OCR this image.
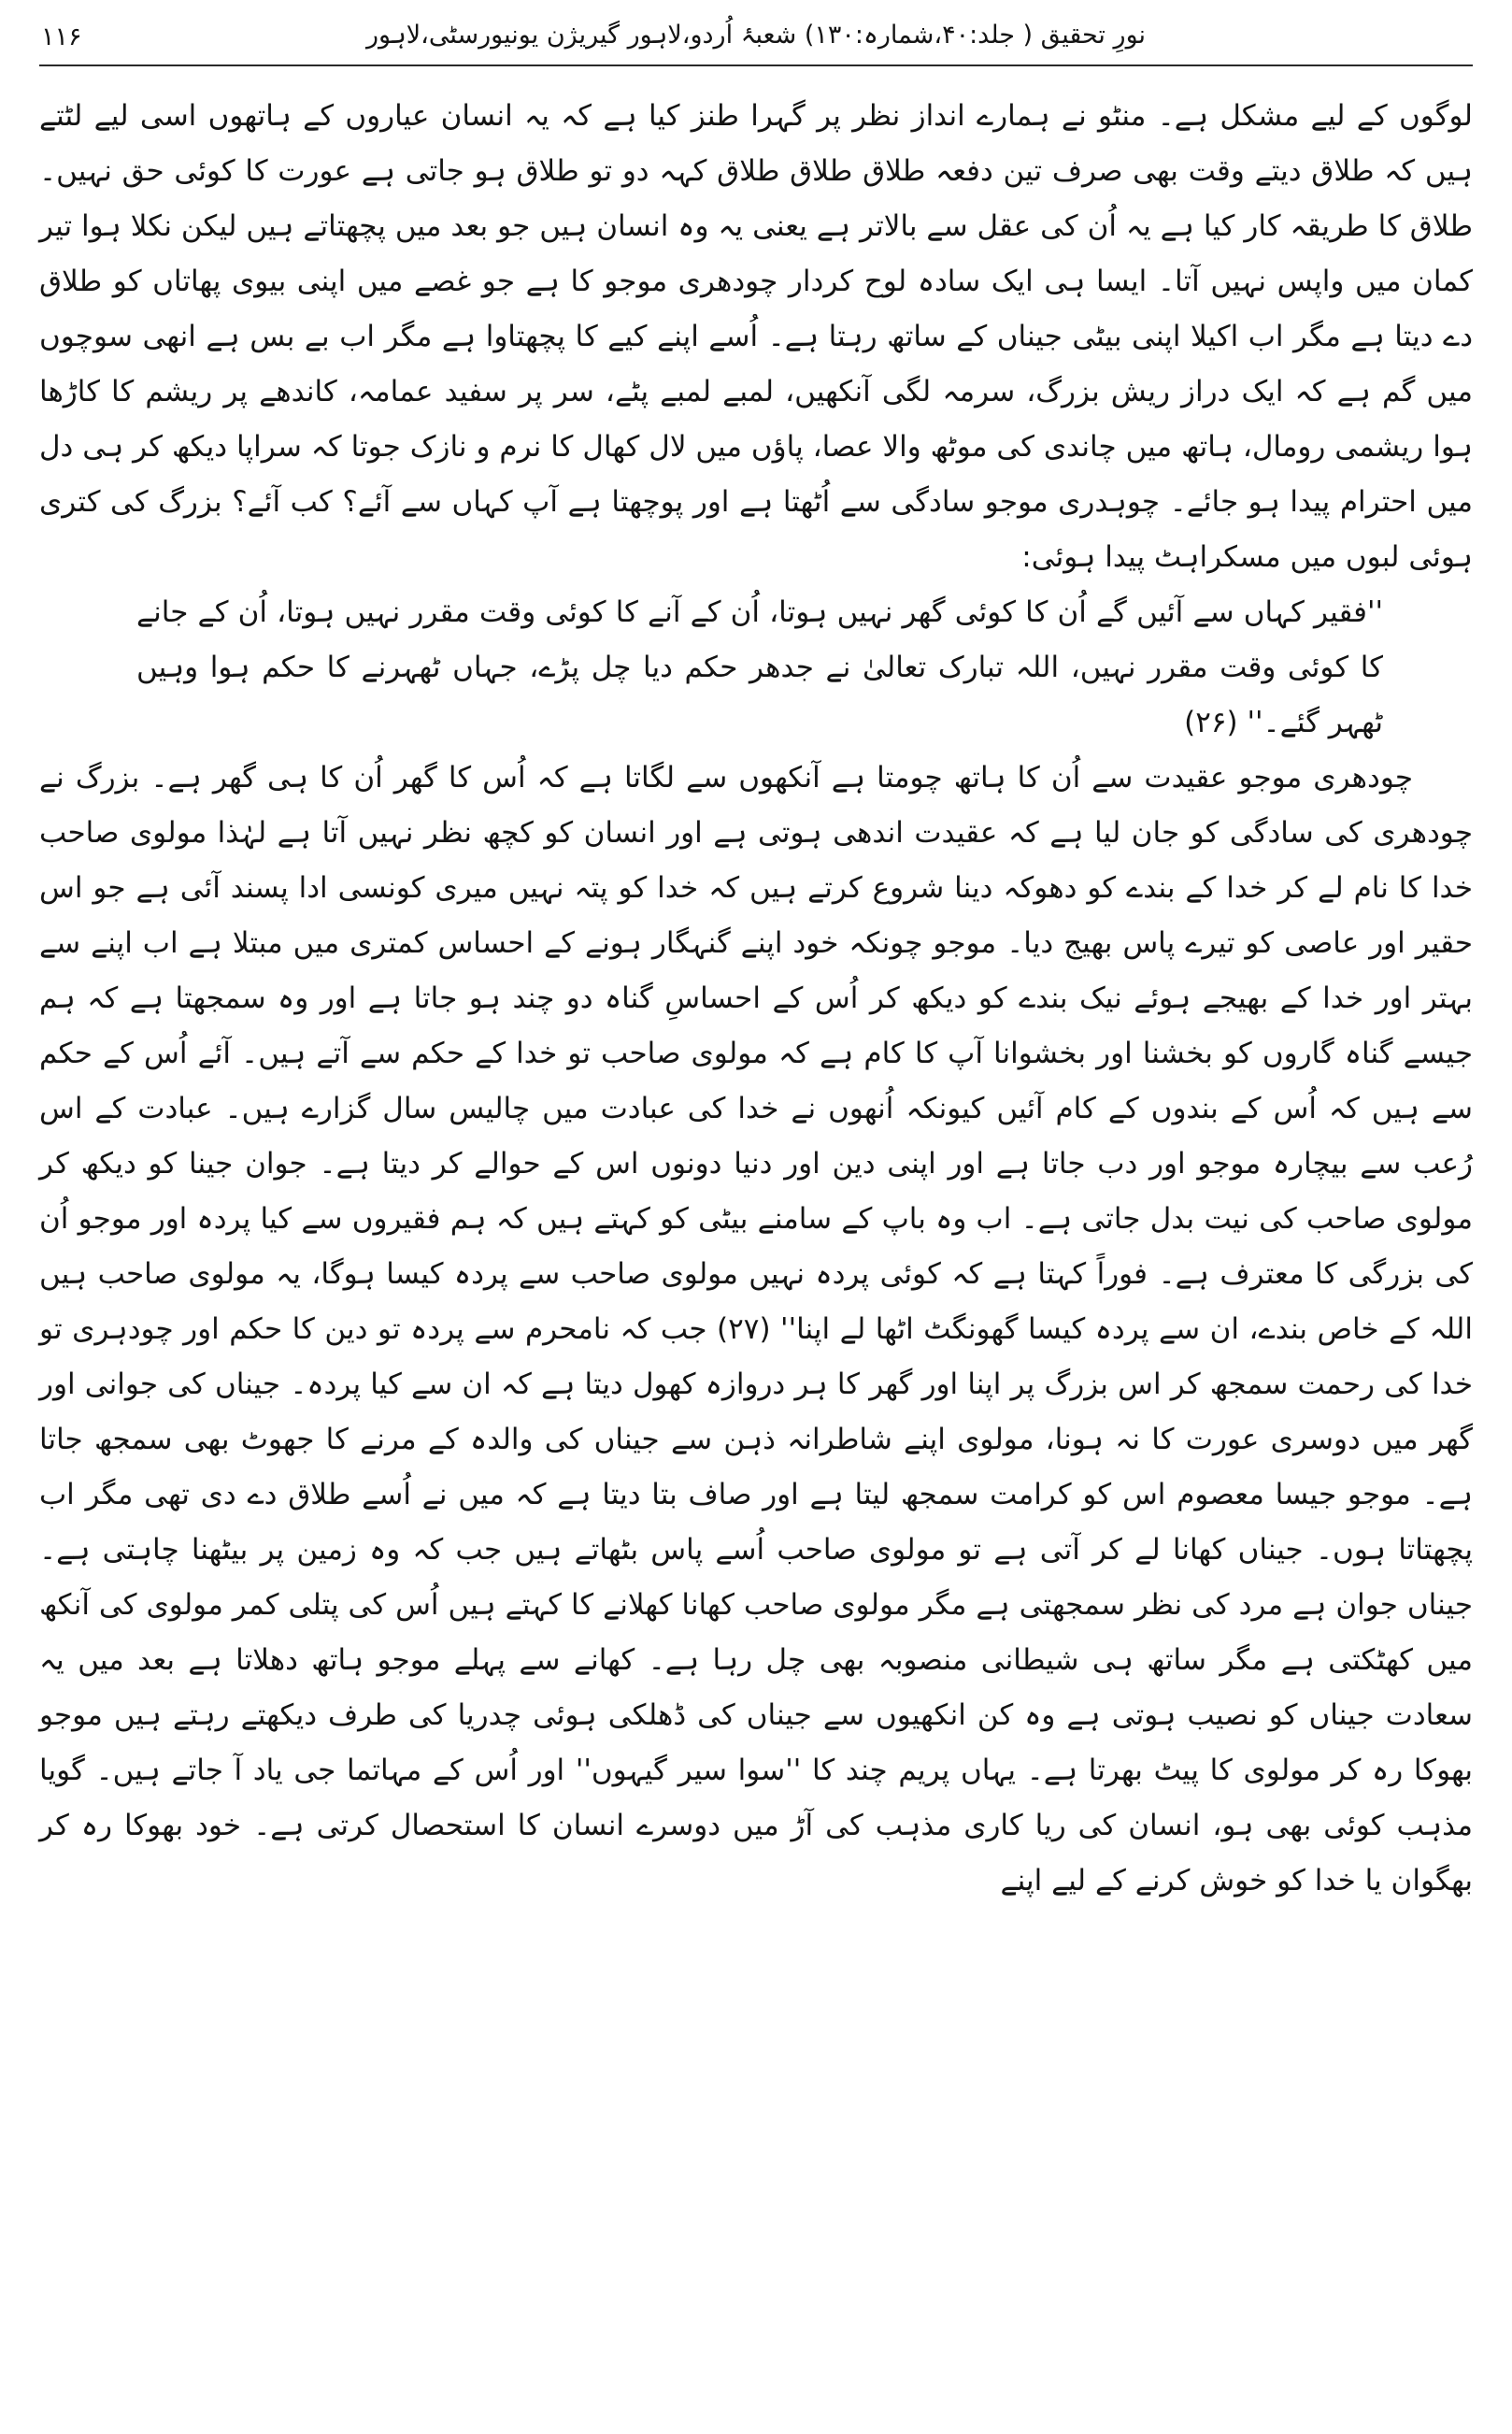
۱۱۶	نورِ تحقیق ( جلد:۴۰،شمارہ:۱۳۰) شعبۂ اُردو،لاہور گیریژن یونیورسٹی،لاہور

لوگوں کے لیے مشکل ہے۔ منٹو نے ہمارے انداز نظر پر گہرا طنز کیا ہے کہ یہ انسان عیاروں کے ہاتھوں اسی لیے لٹتے ہیں کہ طلاق دیتے وقت بھی صرف تین دفعہ طلاق طلاق طلاق کہہ دو تو طلاق ہو جاتی ہے عورت کا کوئی حق نہیں۔ طلاق کا طریقہ کار کیا ہے یہ اُن کی عقل سے بالاتر ہے یعنی یہ وہ انسان ہیں جو بعد میں پچھتاتے ہیں لیکن نکلا ہوا تیر کمان میں واپس نہیں آتا۔ ایسا ہی ایک سادہ لوح کردار چودھری موجو کا ہے جو غصے میں اپنی بیوی پھاتاں کو طلاق دے دیتا ہے مگر اب اکیلا اپنی بیٹی جیناں کے ساتھ رہتا ہے۔ اُسے اپنے کیے کا پچھتاوا ہے مگر اب بے بس ہے انھی سوچوں میں گم ہے کہ ایک دراز ریش بزرگ، سرمہ لگی آنکھیں، لمبے لمبے پٹے، سر پر سفید عمامہ، کاندھے پر ریشم کا کاڑھا ہوا ریشمی رومال، ہاتھ میں چاندی کی موٹھ والا عصا، پاؤں میں لال کھال کا نرم و نازک جوتا کہ سراپا دیکھ کر ہی دل میں احترام پیدا ہو جائے۔ چوہدری موجو سادگی سے اُٹھتا ہے اور پوچھتا ہے آپ کہاں سے آئے؟ کب آئے؟ بزرگ کی کتری ہوئی لبوں میں مسکراہٹ پیدا ہوئی:

''فقیر کہاں سے آئیں گے اُن کا کوئی گھر نہیں ہوتا، اُن کے آنے کا کوئی وقت مقرر نہیں ہوتا، اُن کے جانے کا کوئی وقت مقرر نہیں، اللہ تبارک تعالیٰ نے جدھر حکم دیا چل پڑے، جہاں ٹھہرنے کا حکم ہوا وہیں ٹھہر گئے۔'' (۲۶)

چودھری موجو عقیدت سے اُن کا ہاتھ چومتا ہے آنکھوں سے لگاتا ہے کہ اُس کا گھر اُن کا ہی گھر ہے۔ بزرگ نے چودھری کی سادگی کو جان لیا ہے کہ عقیدت اندھی ہوتی ہے اور انسان کو کچھ نظر نہیں آتا ہے لہٰذا مولوی صاحب خدا کا نام لے کر خدا کے بندے کو دھوکہ دینا شروع کرتے ہیں کہ خدا کو پتہ نہیں میری کونسی ادا پسند آئی ہے جو اس حقیر اور عاصی کو تیرے پاس بھیج دیا۔ موجو چونکہ خود اپنے گنہگار ہونے کے احساس کمتری میں مبتلا ہے اب اپنے سے بہتر اور خدا کے بھیجے ہوئے نیک بندے کو دیکھ کر اُس کے احساسِ گناہ دو چند ہو جاتا ہے اور وہ سمجھتا ہے کہ ہم جیسے گناہ گاروں کو بخشنا اور بخشوانا آپ کا کام ہے کہ مولوی صاحب تو خدا کے حکم سے آتے ہیں۔ آئے اُس کے حکم سے ہیں کہ اُس کے بندوں کے کام آئیں کیونکہ اُنھوں نے خدا کی عبادت میں چالیس سال گزارے ہیں۔ عبادت کے اس رُعب سے بیچارہ موجو اور دب جاتا ہے اور اپنی دین اور دنیا دونوں اس کے حوالے کر دیتا ہے۔ جوان جینا کو دیکھ کر مولوی صاحب کی نیت بدل جاتی ہے۔ اب وہ باپ کے سامنے بیٹی کو کہتے ہیں کہ ہم فقیروں سے کیا پردہ اور موجو اُن کی بزرگی کا معترف ہے۔ فوراً کہتا ہے کہ کوئی پردہ نہیں مولوی صاحب سے پردہ کیسا ہوگا، یہ مولوی صاحب ہیں اللہ کے خاص بندے، ان سے پردہ کیسا گھونگٹ اٹھا لے اپنا'' (۲۷) جب کہ نامحرم سے پردہ تو دین کا حکم اور چودہری تو خدا کی رحمت سمجھ کر اس بزرگ پر اپنا اور گھر کا ہر دروازہ کھول دیتا ہے کہ ان سے کیا پردہ۔ جیناں کی جوانی اور گھر میں دوسری عورت کا نہ ہونا، مولوی اپنے شاطرانہ ذہن سے جیناں کی والدہ کے مرنے کا جھوٹ بھی سمجھ جاتا ہے۔ موجو جیسا معصوم اس کو کرامت سمجھ لیتا ہے اور صاف بتا دیتا ہے کہ میں نے اُسے طلاق دے دی تھی مگر اب پچھتاتا ہوں۔ جیناں کھانا لے کر آتی ہے تو مولوی صاحب اُسے پاس بٹھاتے ہیں جب کہ وہ زمین پر بیٹھنا چاہتی ہے۔ جیناں جوان ہے مرد کی نظر سمجھتی ہے مگر مولوی صاحب کھانا کھلانے کا کہتے ہیں اُس کی پتلی کمر مولوی کی آنکھ میں کھٹکتی ہے مگر ساتھ ہی شیطانی منصوبہ بھی چل رہا ہے۔ کھانے سے پہلے موجو ہاتھ دھلاتا ہے بعد میں یہ سعادت جیناں کو نصیب ہوتی ہے وہ کن انکھیوں سے جیناں کی ڈھلکی ہوئی چدریا کی طرف دیکھتے رہتے ہیں موجو بھوکا رہ کر مولوی کا پیٹ بھرتا ہے۔ یہاں پریم چند کا ''سوا سیر گیہوں'' اور اُس کے مہاتما جی یاد آ جاتے ہیں۔ گویا مذہب کوئی بھی ہو، انسان کی ریا کاری مذہب کی آڑ میں دوسرے انسان کا استحصال کرتی ہے۔ خود بھوکا رہ کر بھگوان یا خدا کو خوش کرنے کے لیے اپنے
